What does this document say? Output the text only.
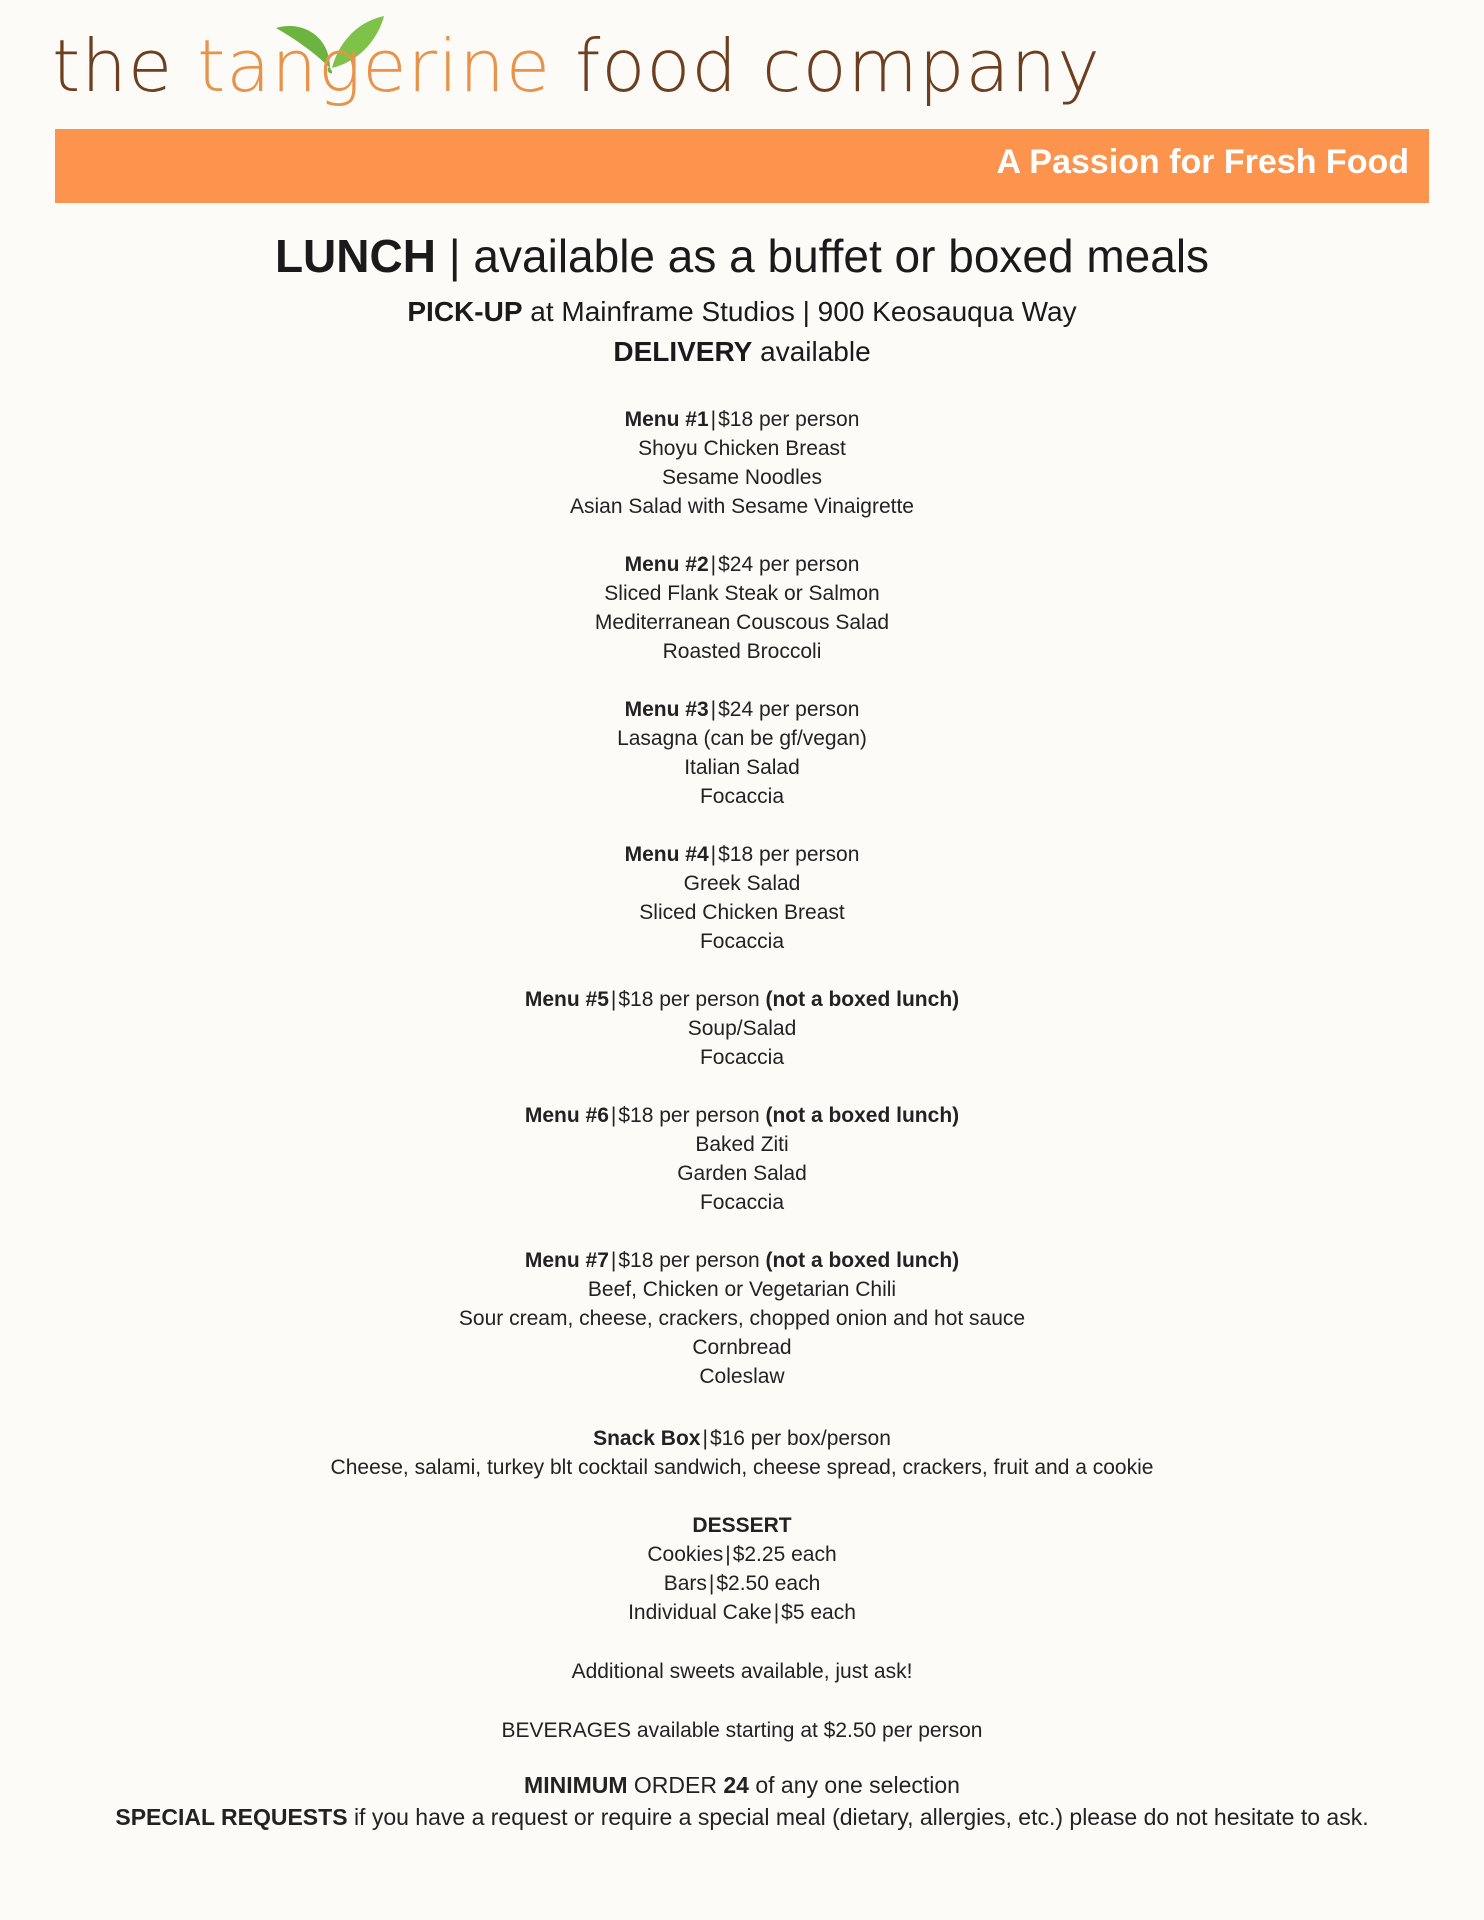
the tangerine food company
A Passion for Fresh Food
LUNCH | available as a buffet or boxed meals
PICK-UP at Mainframe Studios | 900 Keosauqua Way
DELIVERY available
Menu #1|$18 per person
Shoyu Chicken Breast
Sesame Noodles
Asian Salad with Sesame Vinaigrette
Menu #2|$24 per person
Sliced Flank Steak or Salmon
Mediterranean Couscous Salad
Roasted Broccoli
Menu #3|$24 per person
Lasagna (can be gf/vegan)
Italian Salad
Focaccia
Menu #4|$18 per person
Greek Salad
Sliced Chicken Breast
Focaccia
Menu #5|$18 per person (not a boxed lunch)
Soup/Salad
Focaccia
Menu #6|$18 per person (not a boxed lunch)
Baked Ziti
Garden Salad
Focaccia
Menu #7|$18 per person (not a boxed lunch)
Beef, Chicken or Vegetarian Chili
Sour cream, cheese, crackers, chopped onion and hot sauce
Cornbread
Coleslaw
Snack Box|$16 per box/person
Cheese, salami, turkey blt cocktail sandwich, cheese spread, crackers, fruit and a cookie
DESSERT
Cookies|$2.25 each
Bars|$2.50 each
Individual Cake|$5 each
Additional sweets available, just ask!
BEVERAGES available starting at $2.50 per person
MINIMUM ORDER 24 of any one selection
SPECIAL REQUESTS if you have a request or require a special meal (dietary, allergies, etc.) please do not hesitate to ask.
